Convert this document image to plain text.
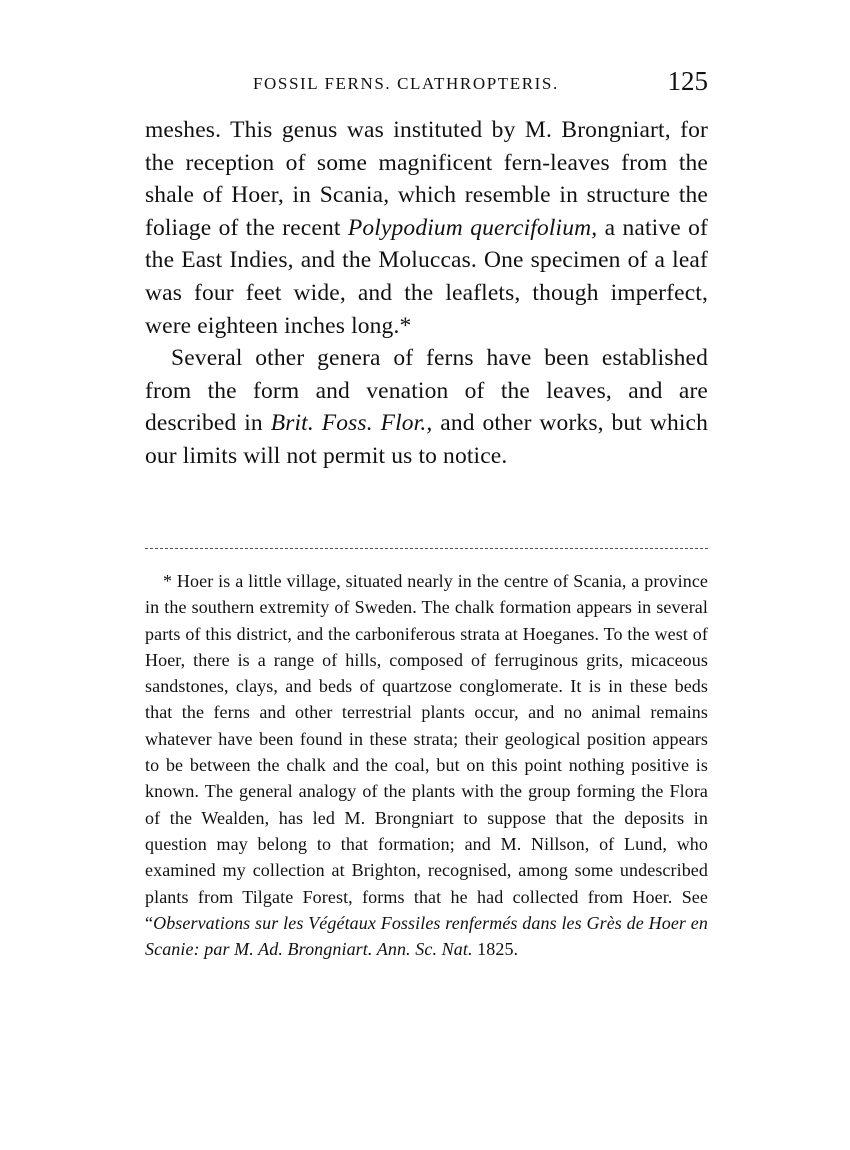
FOSSIL FERNS. CLATHROPTERIS.	125

meshes. This genus was instituted by M. Brongniart, for the reception of some magnificent fern-leaves from the shale of Hoer, in Scania, which resemble in structure the foliage of the recent Polypodium quercifolium, a native of the East Indies, and the Moluccas. One specimen of a leaf was four feet wide, and the leaflets, though imperfect, were eighteen inches long.*

Several other genera of ferns have been established from the form and venation of the leaves, and are described in Brit. Foss. Flor., and other works, but which our limits will not permit us to notice.

* Hoer is a little village, situated nearly in the centre of Scania, a province in the southern extremity of Sweden. The chalk formation appears in several parts of this district, and the carboniferous strata at Hoeganes. To the west of Hoer, there is a range of hills, composed of ferruginous grits, micaceous sandstones, clays, and beds of quartzose conglomerate. It is in these beds that the ferns and other terrestrial plants occur, and no animal remains whatever have been found in these strata; their geological position appears to be between the chalk and the coal, but on this point nothing positive is known. The general analogy of the plants with the group forming the Flora of the Wealden, has led M. Brongniart to suppose that the deposits in question may belong to that formation; and M. Nillson, of Lund, who examined my collection at Brighton, recognised, among some undescribed plants from Tilgate Forest, forms that he had collected from Hoer. See “Observations sur les Végétaux Fossiles renfermés dans les Grès de Hoer en Scanie: par M. Ad. Brongniart. Ann. Sc. Nat. 1825.
